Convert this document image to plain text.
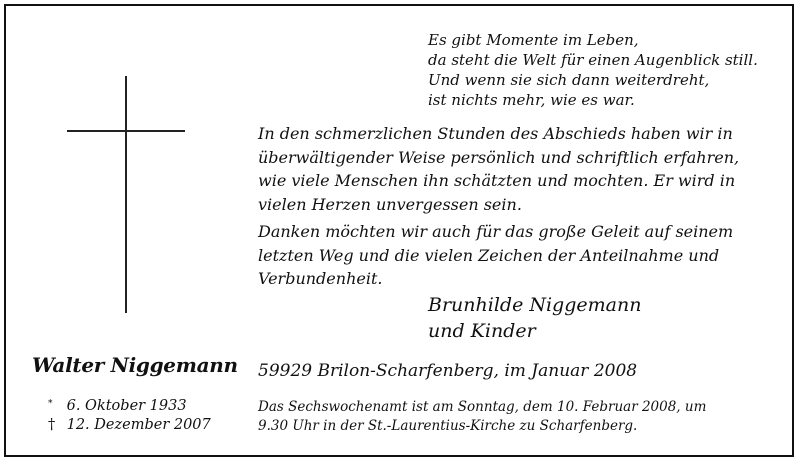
Es gibt Momente im Leben,
da steht die Welt für einen Augenblick still.
Und wenn sie sich dann weiterdreht,
ist nichts mehr, wie es war.
In den schmerzlichen Stunden des Abschieds haben wir in
überwältigender Weise persönlich und schriftlich erfahren,
wie viele Menschen ihn schätzten und mochten. Er wird in
vielen Herzen unvergessen sein.
Danken möchten wir auch für das große Geleit auf seinem
letzten Weg und die vielen Zeichen der Anteilnahme und
Verbundenheit.
Brunhilde Niggemann
und Kinder
Walter Niggemann
* 6. Oktober 1933
† 12. Dezember 2007
59929 Brilon-Scharfenberg, im Januar 2008
Das Sechswochenamt ist am Sonntag, dem 10. Februar 2008, um
9.30 Uhr in der St.-Laurentius-Kirche zu Scharfenberg.
